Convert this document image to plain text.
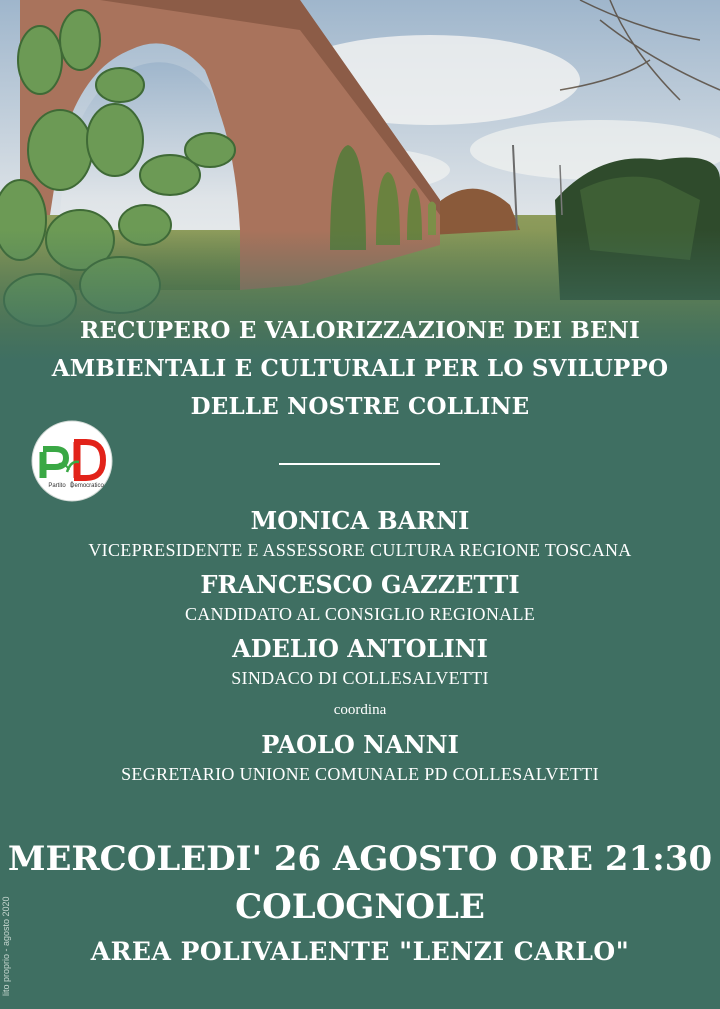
RECUPERO E VALORIZZAZIONE DEI BENI
AMBIENTALI E CULTURALI PER LO SVILUPPO
DELLE NOSTRE COLLINE
Partito Democratico
MONICA BARNI
VICEPRESIDENTE E ASSESSORE CULTURA REGIONE TOSCANA
FRANCESCO GAZZETTI
CANDIDATO AL CONSIGLIO REGIONALE
ADELIO ANTOLINI
SINDACO DI COLLESALVETTI
coordina
PAOLO NANNI
SEGRETARIO UNIONE COMUNALE PD COLLESALVETTI
MERCOLEDI' 26 AGOSTO ORE 21:30
COLOGNOLE
AREA POLIVALENTE "LENZI CARLO"
lito proprio - agosto 2020
